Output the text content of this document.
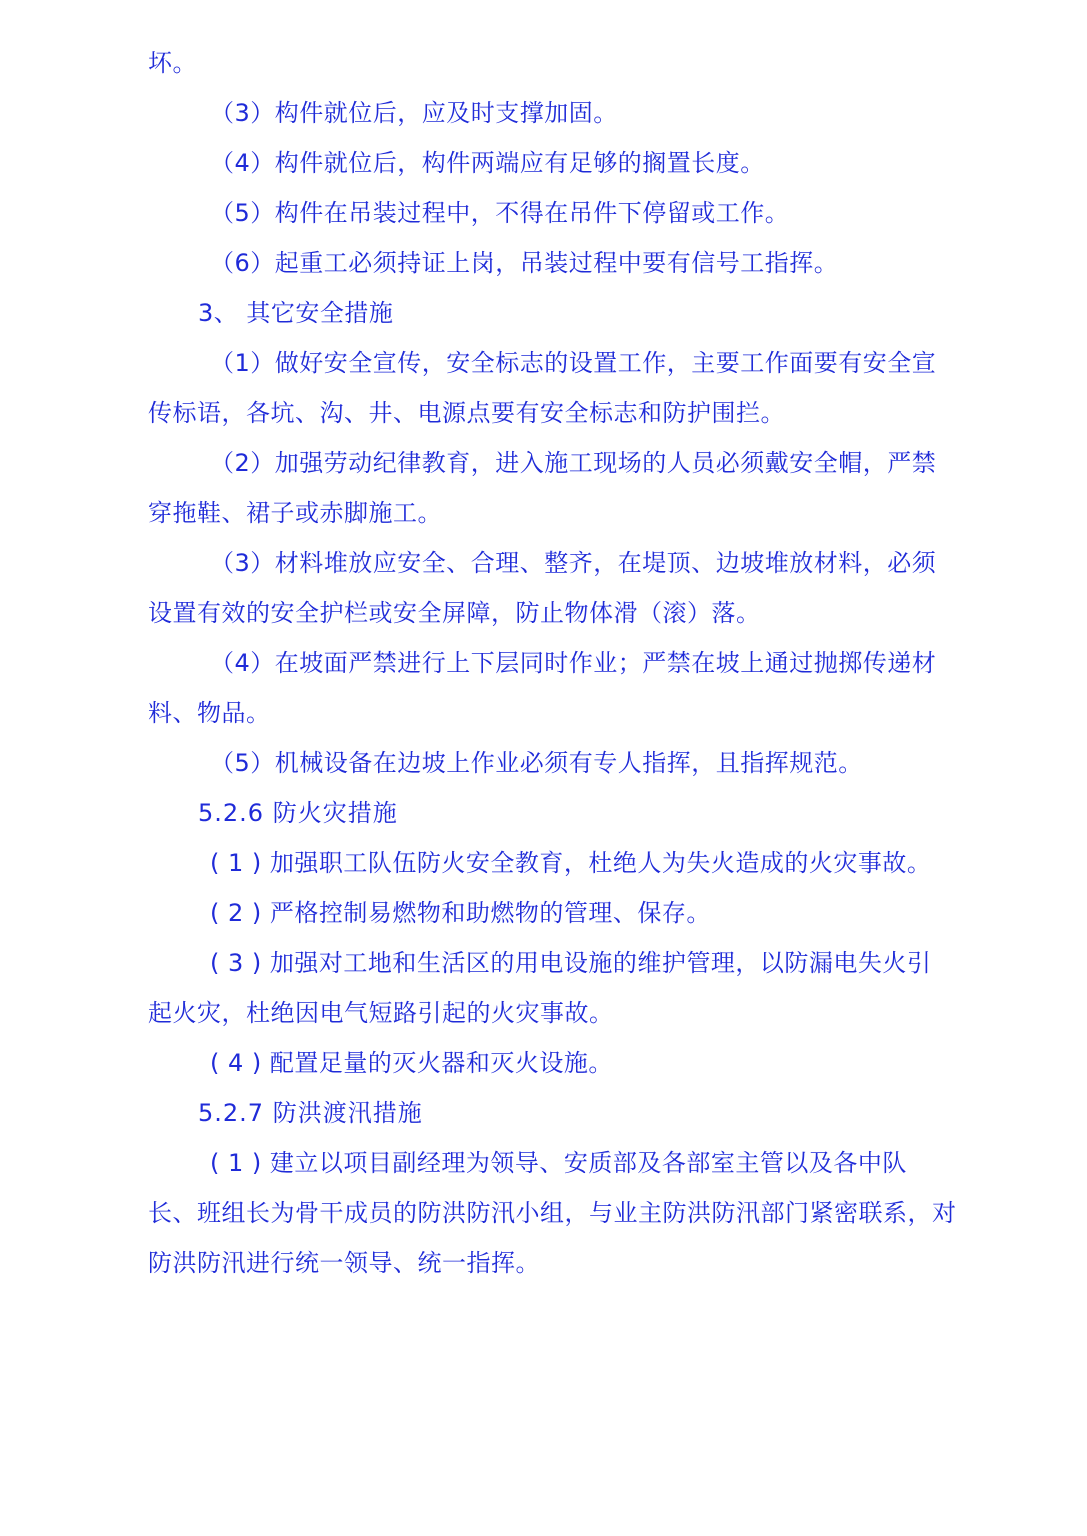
坏。
（3）构件就位后，应及时支撑加固。
（4）构件就位后，构件两端应有足够的搁置长度。
（5）构件在吊装过程中，不得在吊件下停留或工作。
（6）起重工必须持证上岗，吊装过程中要有信号工指挥。
3、 其它安全措施
（1）做好安全宣传，安全标志的设置工作，主要工作面要有安全宣
传标语，各坑、沟、井、电源点要有安全标志和防护围拦。
（2）加强劳动纪律教育，进入施工现场的人员必须戴安全帽，严禁
穿拖鞋、裙子或赤脚施工。
（3）材料堆放应安全、合理、整齐，在堤顶、边坡堆放材料，必须
设置有效的安全护栏或安全屏障，防止物体滑（滚）落。
（4）在坡面严禁进行上下层同时作业；严禁在坡上通过抛掷传递材
料、物品。
（5）机械设备在边坡上作业必须有专人指挥，且指挥规范。
5.2.6 防火灾措施
( 1 ) 加强职工队伍防火安全教育，杜绝人为失火造成的火灾事故。
( 2 ) 严格控制易燃物和助燃物的管理、保存。
( 3 ) 加强对工地和生活区的用电设施的维护管理，以防漏电失火引
起火灾，杜绝因电气短路引起的火灾事故。
( 4 ) 配置足量的灭火器和灭火设施。
5.2.7 防洪渡汛措施
( 1 ) 建立以项目副经理为领导、安质部及各部室主管以及各中队
长、班组长为骨干成员的防洪防汛小组，与业主防洪防汛部门紧密联系，对
防洪防汛进行统一领导、统一指挥。
